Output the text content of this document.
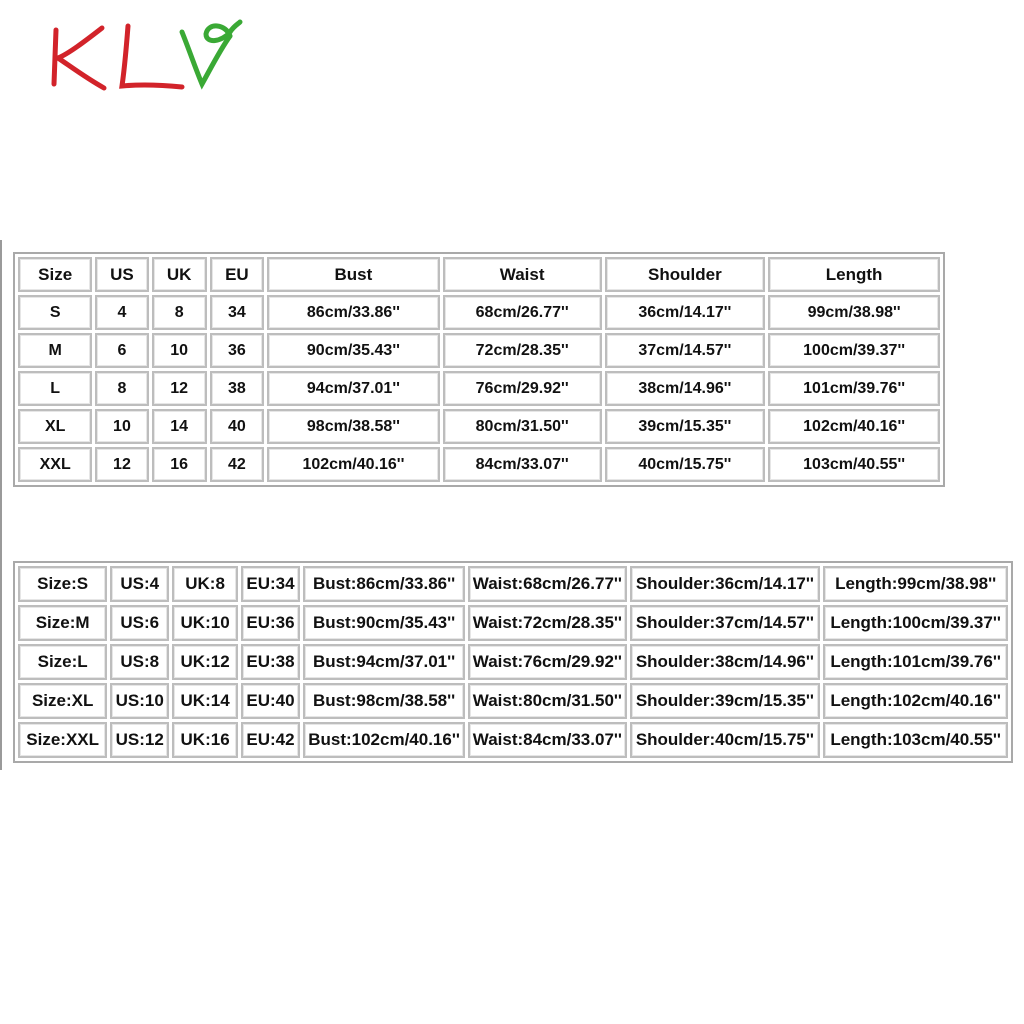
Size	US	UK	EU	Bust	Waist	Shoulder	Length
S	4	8	34	86cm/33.86''	68cm/26.77''	36cm/14.17''	99cm/38.98''
M	6	10	36	90cm/35.43''	72cm/28.35''	37cm/14.57''	100cm/39.37''
L	8	12	38	94cm/37.01''	76cm/29.92''	38cm/14.96''	101cm/39.76''
XL	10	14	40	98cm/38.58''	80cm/31.50''	39cm/15.35''	102cm/40.16''
XXL	12	16	42	102cm/40.16''	84cm/33.07''	40cm/15.75''	103cm/40.55''
Size:S	US:4	UK:8	EU:34	Bust:86cm/33.86''	Waist:68cm/26.77''	Shoulder:36cm/14.17''	Length:99cm/38.98''
Size:M	US:6	UK:10	EU:36	Bust:90cm/35.43''	Waist:72cm/28.35''	Shoulder:37cm/14.57''	Length:100cm/39.37''
Size:L	US:8	UK:12	EU:38	Bust:94cm/37.01''	Waist:76cm/29.92''	Shoulder:38cm/14.96''	Length:101cm/39.76''
Size:XL	US:10	UK:14	EU:40	Bust:98cm/38.58''	Waist:80cm/31.50''	Shoulder:39cm/15.35''	Length:102cm/40.16''
Size:XXL	US:12	UK:16	EU:42	Bust:102cm/40.16''	Waist:84cm/33.07''	Shoulder:40cm/15.75''	Length:103cm/40.55''
